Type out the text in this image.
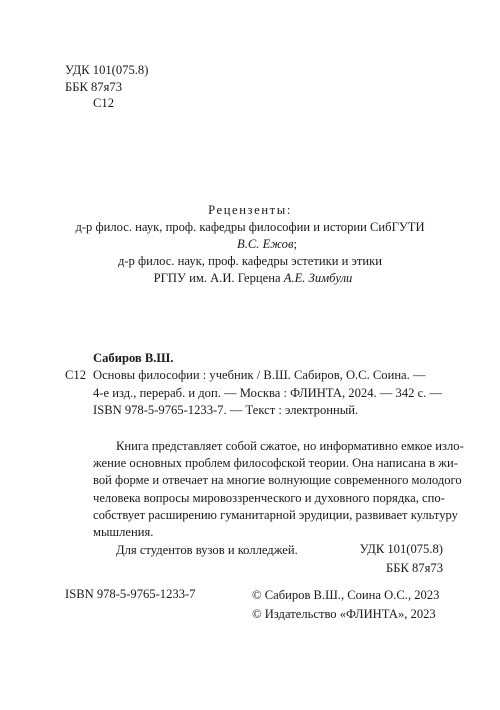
УДК 101(075.8)
ББК 87я73
С12
Рецензенты:
д-р филос. наук, проф. кафедры философии и истории СибГУТИ
В.С. Ежов;
д-р филос. наук, проф. кафедры эстетики и этики
РГПУ им. А.И. Герцена А.Е. Зимбули
Сабиров В.Ш.
С12 Основы философии : учебник / В.Ш. Сабиров, О.С. Соина. —
4-е изд., перераб. и доп. — Москва : ФЛИНТА, 2024. — 342 с. —
ISBN 978-5-9765-1233-7. — Текст : электронный.
Книга представляет собой сжатое, но информативно емкое изло-
жение основных проблем философской теории. Она написана в жи-
вой форме и отвечает на многие волнующие современного молодого
человека вопросы мировоззренческого и духовного порядка, спо-
собствует расширению гуманитарной эрудиции, развивает культуру
мышления.
Для студентов вузов и колледжей.	УДК 101(075.8)
ББК 87я73
ISBN 978-5-9765-1233-7	© Сабиров В.Ш., Соина О.С., 2023
© Издательство «ФЛИНТА», 2023
